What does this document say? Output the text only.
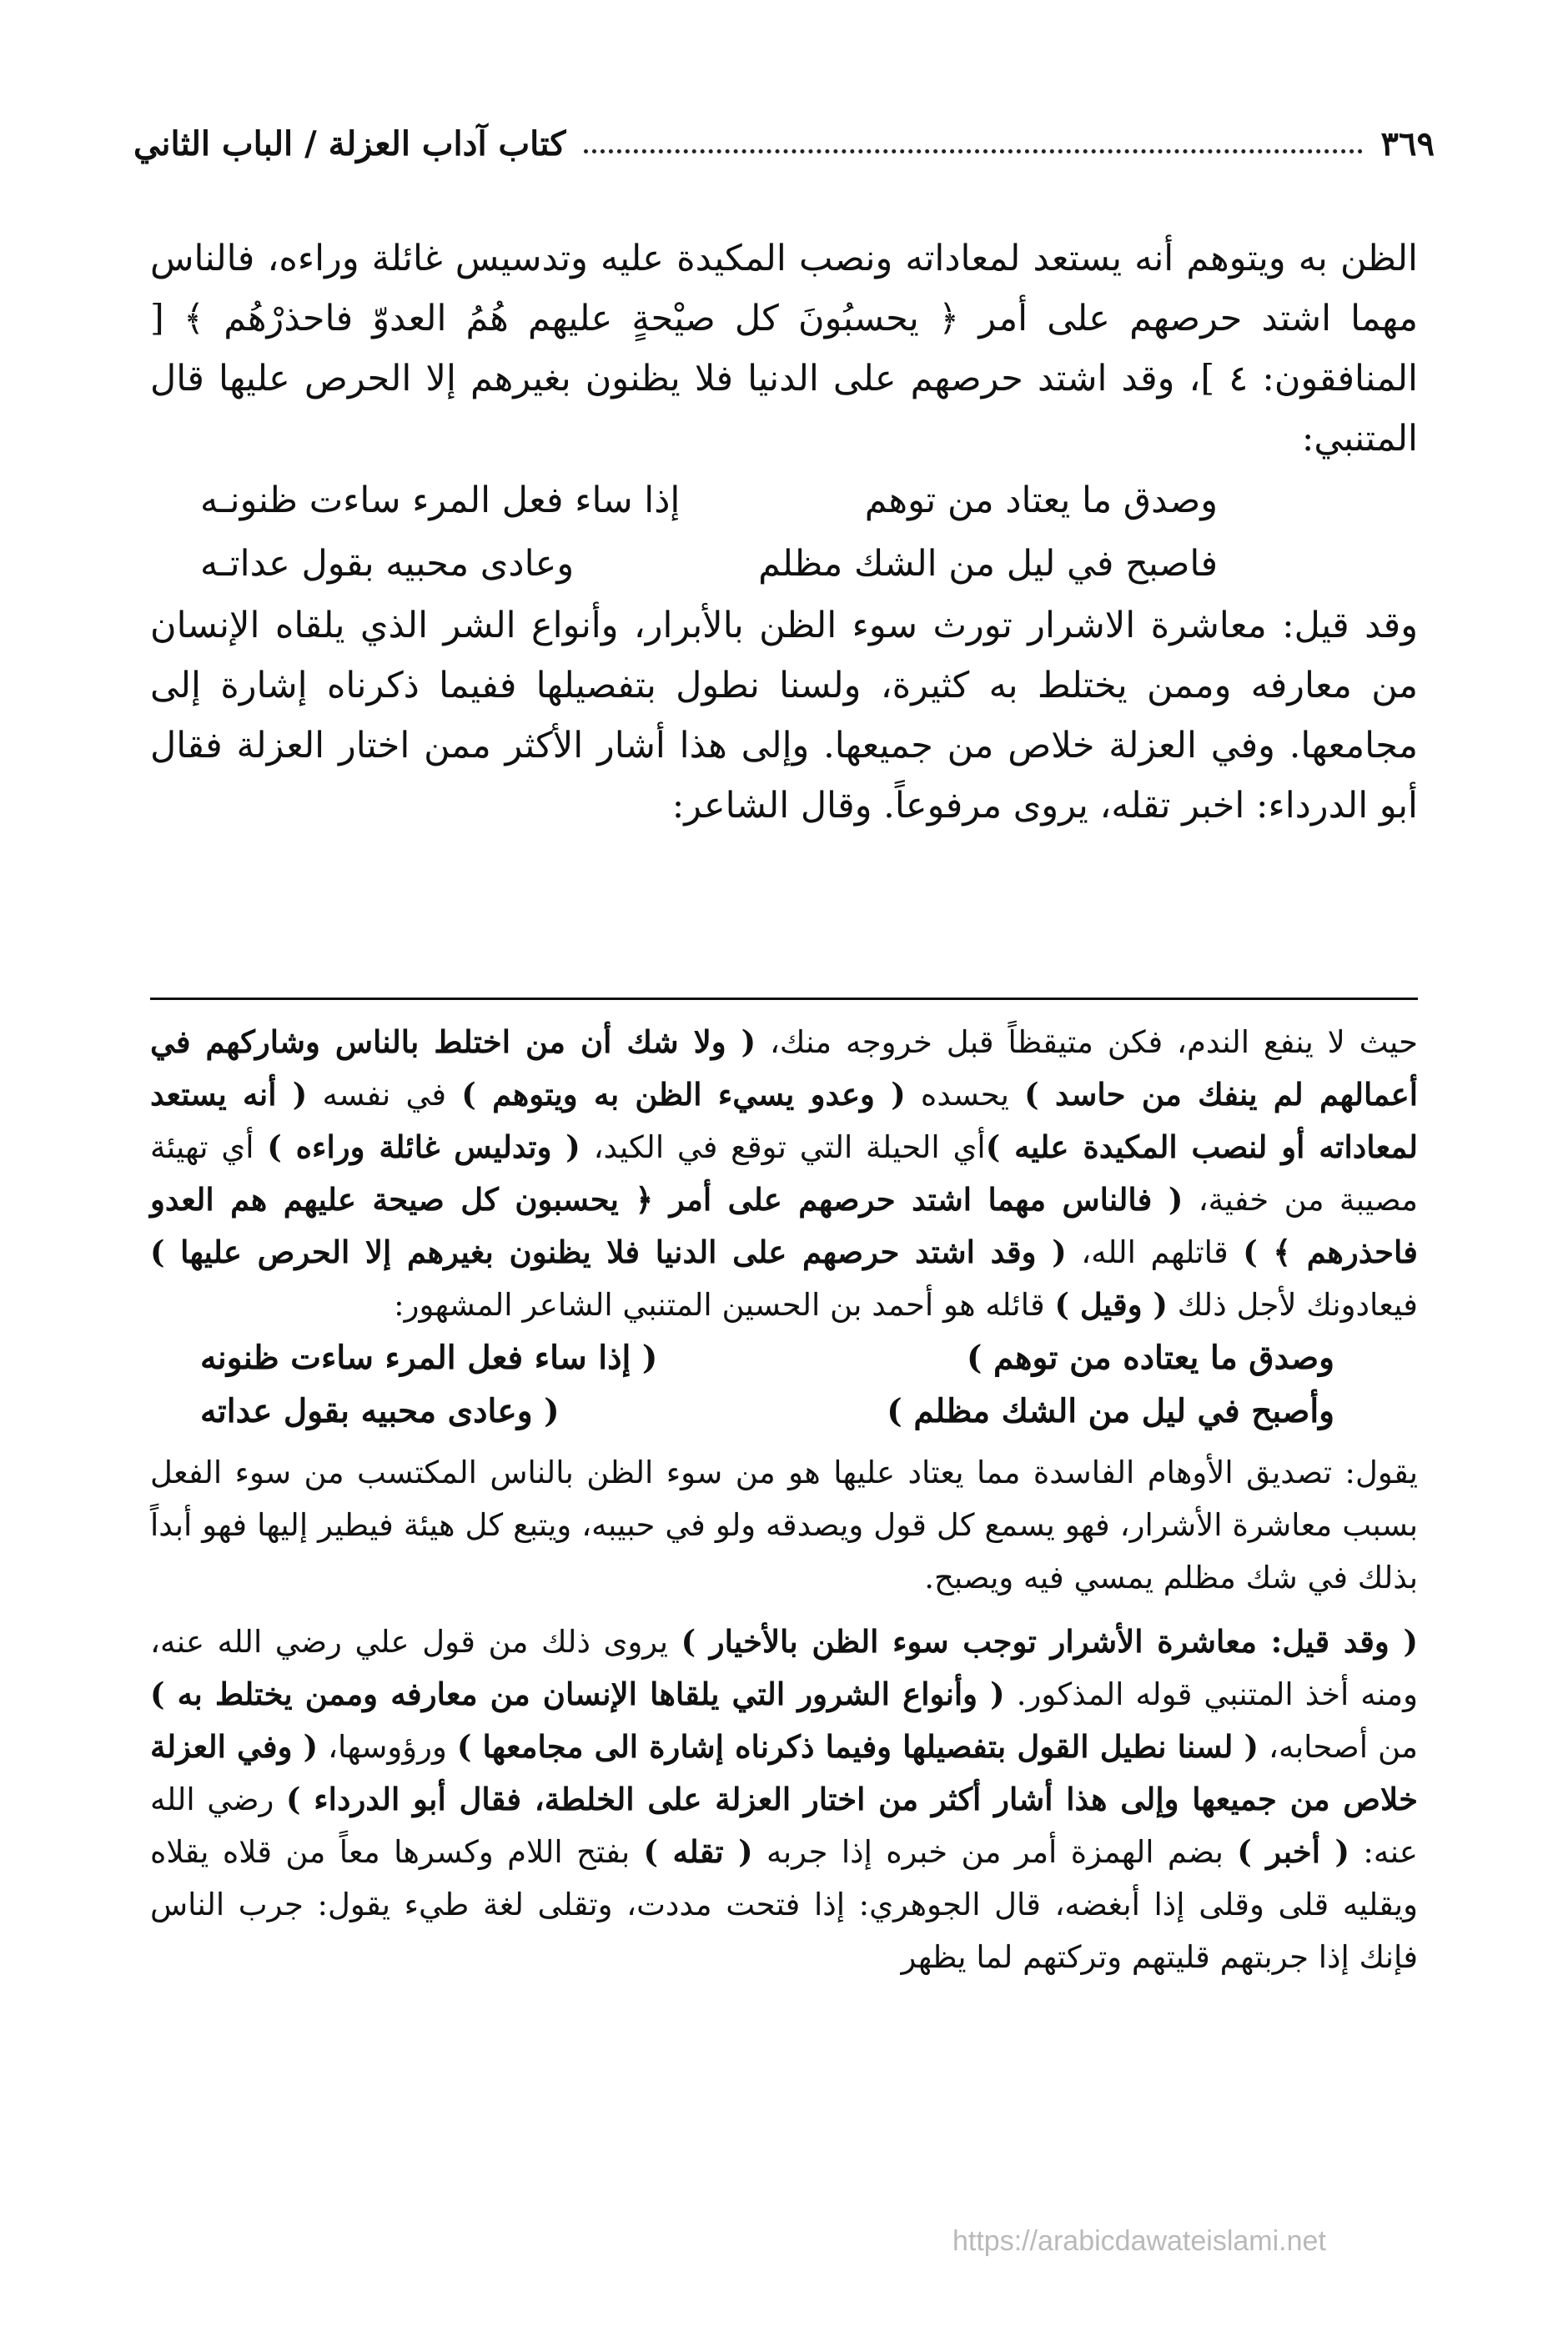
كتاب آداب العزلة / الباب الثاني	٣٦٩

الظن به ويتوهم أنه يستعد لمعاداته ونصب المكيدة عليه وتدسيس غائلة وراءه، فالناس مهما اشتد حرصهم على أمر ﴿ يحسبُونَ كل صيْحةٍ عليهم هُمُ العدوّ فاحذرْهُم ﴾ [ المنافقون: ٤ ]، وقد اشتد حرصهم على الدنيا فلا يظنون بغيرهم إلا الحرص عليها قال المتنبي:

إذا ساء فعل المرء ساءت ظنونـه	وصدق ما يعتاد من توهم
وعادى محبيه بقول عداتـه	فاصبح في ليل من الشك مظلم

وقد قيل: معاشرة الاشرار تورث سوء الظن بالأبرار، وأنواع الشر الذي يلقاه الإنسان من معارفه وممن يختلط به كثيرة، ولسنا نطول بتفصيلها ففيما ذكرناه إشارة إلى مجامعها. وفي العزلة خلاص من جميعها. وإلى هذا أشار الأكثر ممن اختار العزلة فقال أبو الدرداء: اخبر تقله، يروى مرفوعاً. وقال الشاعر:

حيث لا ينفع الندم، فكن متيقظاً قبل خروجه منك، ( ولا شك أن من اختلط بالناس وشاركهم في أعمالهم لم ينفك من حاسد ) يحسده ( وعدو يسيء الظن به ويتوهم ) في نفسه ( أنه يستعد لمعاداته أو لنصب المكيدة عليه )أي الحيلة التي توقع في الكيد، ( وتدليس غائلة وراءه ) أي تهيئة مصيبة من خفية، ( فالناس مهما اشتد حرصهم على أمر ﴿ يحسبون كل صيحة عليهم هم العدو فاحذرهم ﴾ ) قاتلهم الله، ( وقد اشتد حرصهم على الدنيا فلا يظنون بغيرهم إلا الحرص عليها ) فيعادونك لأجل ذلك ( وقيل ) قائله هو أحمد بن الحسين المتنبي الشاعر المشهور:

( إذا ساء فعل المرء ساءت ظنونه	وصدق ما يعتاده من توهم )
( وعادى محبيه بقول عداته	وأصبح في ليل من الشك مظلم )

يقول: تصديق الأوهام الفاسدة مما يعتاد عليها هو من سوء الظن بالناس المكتسب من سوء الفعل بسبب معاشرة الأشرار، فهو يسمع كل قول ويصدقه ولو في حبيبه، ويتبع كل هيئة فيطير إليها فهو أبداً بذلك في شك مظلم يمسي فيه ويصبح.

( وقد قيل: معاشرة الأشرار توجب سوء الظن بالأخيار ) يروى ذلك من قول علي رضي الله عنه، ومنه أخذ المتنبي قوله المذكور. ( وأنواع الشرور التي يلقاها الإنسان من معارفه وممن يختلط به ) من أصحابه، ( لسنا نطيل القول بتفصيلها وفيما ذكرناه إشارة الى مجامعها ) ورؤوسها، ( وفي العزلة خلاص من جميعها وإلى هذا أشار أكثر من اختار العزلة على الخلطة، فقال أبو الدرداء ) رضي الله عنه: ( أخبر ) بضم الهمزة أمر من خبره إذا جربه ( تقله ) بفتح اللام وكسرها معاً من قلاه يقلاه ويقليه قلى وقلى إذا أبغضه، قال الجوهري: إذا فتحت مددت، وتقلى لغة طيء يقول: جرب الناس فإنك إذا جربتهم قليتهم وتركتهم لما يظهر

https://arabicdawateislami.net
